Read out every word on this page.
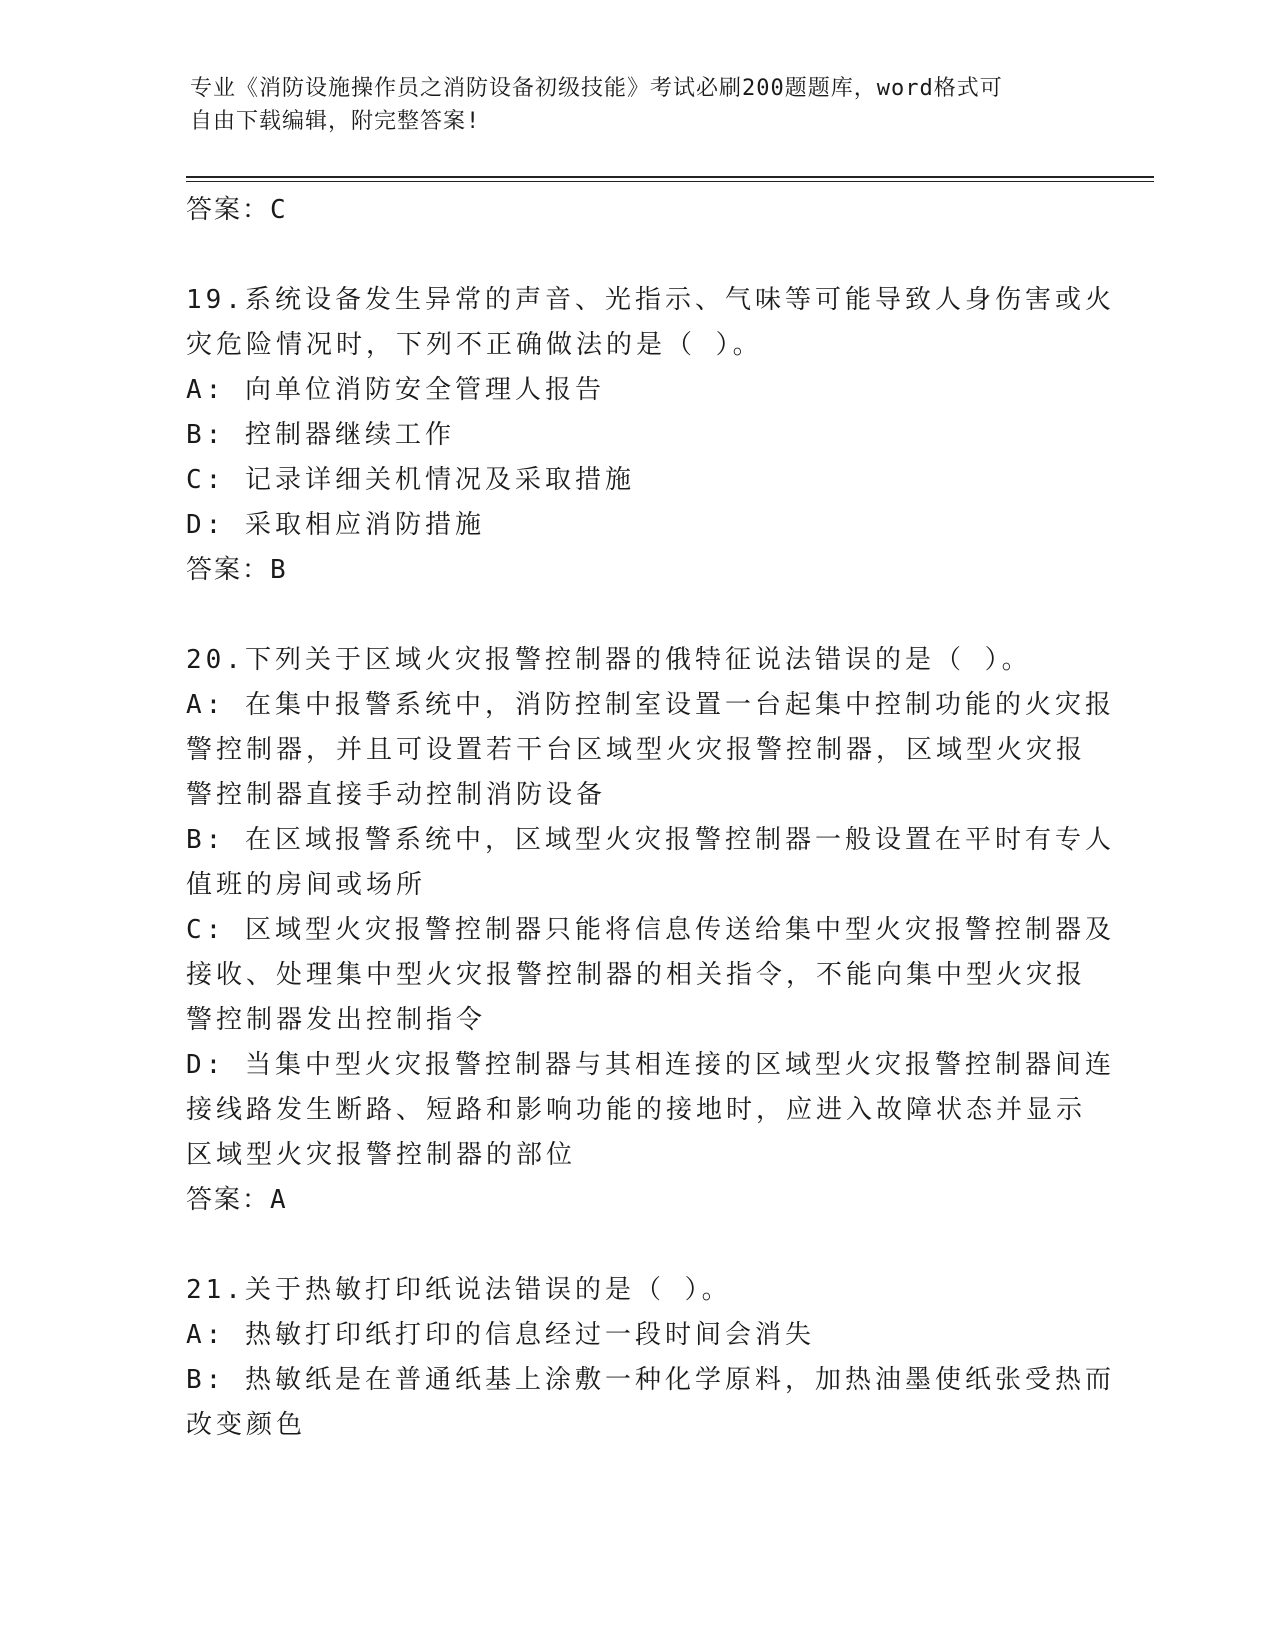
专业《消防设施操作员之消防设备初级技能》考试必刷200题题库，word格式可
自由下载编辑，附完整答案!
答案：C
19.系统设备发生异常的声音、光指示、气味等可能导致人身伤害或火
灾危险情况时，下列不正确做法的是（ ）。
A: 向单位消防安全管理人报告
B: 控制器继续工作
C: 记录详细关机情况及采取措施
D: 采取相应消防措施
答案：B
20.下列关于区域火灾报警控制器的俄特征说法错误的是（ ）。
A: 在集中报警系统中，消防控制室设置一台起集中控制功能的火灾报
警控制器，并且可设置若干台区域型火灾报警控制器，区域型火灾报
警控制器直接手动控制消防设备
B: 在区域报警系统中，区域型火灾报警控制器一般设置在平时有专人
值班的房间或场所
C: 区域型火灾报警控制器只能将信息传送给集中型火灾报警控制器及
接收、处理集中型火灾报警控制器的相关指令，不能向集中型火灾报
警控制器发出控制指令
D: 当集中型火灾报警控制器与其相连接的区域型火灾报警控制器间连
接线路发生断路、短路和影响功能的接地时，应进入故障状态并显示
区域型火灾报警控制器的部位
答案：A
21.关于热敏打印纸说法错误的是（ ）。
A: 热敏打印纸打印的信息经过一段时间会消失
B: 热敏纸是在普通纸基上涂敷一种化学原料，加热油墨使纸张受热而
改变颜色
